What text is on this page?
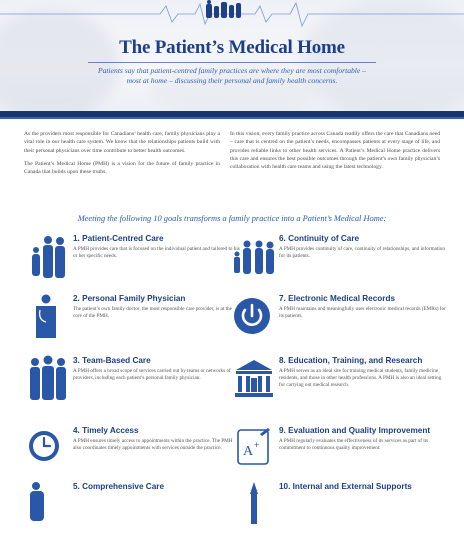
The Patient’s Medical Home
Patients say that patient-centred family practices are where they are most comfortable – most at home – discussing their personal and family health concerns.

As the providers most responsible for Canadians’ health care, family physicians play a vital role in our health care system. We know that the relationships patients build with their personal physicians over time contribute to better health outcomes.

The Patient’s Medical Home (PMH) is a vision for the future of family practice in Canada that builds upon these truths.

In this vision, every family practice across Canada readily offers the care that Canadians need – care that is centred on the patient’s needs, encompasses patients at every stage of life, and provides reliable links to other health services. A Patient’s Medical Home practice delivers this care and ensures the best possible outcomes through the patient’s own family physician’s collaboration with health care teams and using the latest technology.

Meeting the following 10 goals transforms a family practice into a Patient’s Medical Home:
1. Patient-Centred Care
A PMH provides care that is focused on the individual patient and tailored to his or her specific needs.
6. Continuity of Care
A PMH provides continuity of care, continuity of relationships, and information for its patients.
2. Personal Family Physician
The patient’s own family doctor, the most responsible care provider, is at the core of the PMH.
7. Electronic Medical Records
A PMH maintains and meaningfully uses electronic medical records (EMRs) for its patients.
3. Team-Based Care
A PMH offers a broad scope of services carried out by teams or networks of providers, including each patient’s personal family physician.
8. Education, Training, and Research
A PMH serves as an ideal site for training medical students, family medicine residents, and those in other health professions. A PMH is also an ideal setting for carrying out medical research.
4. Timely Access
A PMH ensures timely access to appointments within the practice. The PMH also coordinates timely appointments with services outside the practice.	A +
9. Evaluation and Quality Improvement
A PMH regularly evaluates the effectiveness of its services as part of its commitment to continuous quality improvement.
5. Comprehensive Care	10. Internal and External Supports
